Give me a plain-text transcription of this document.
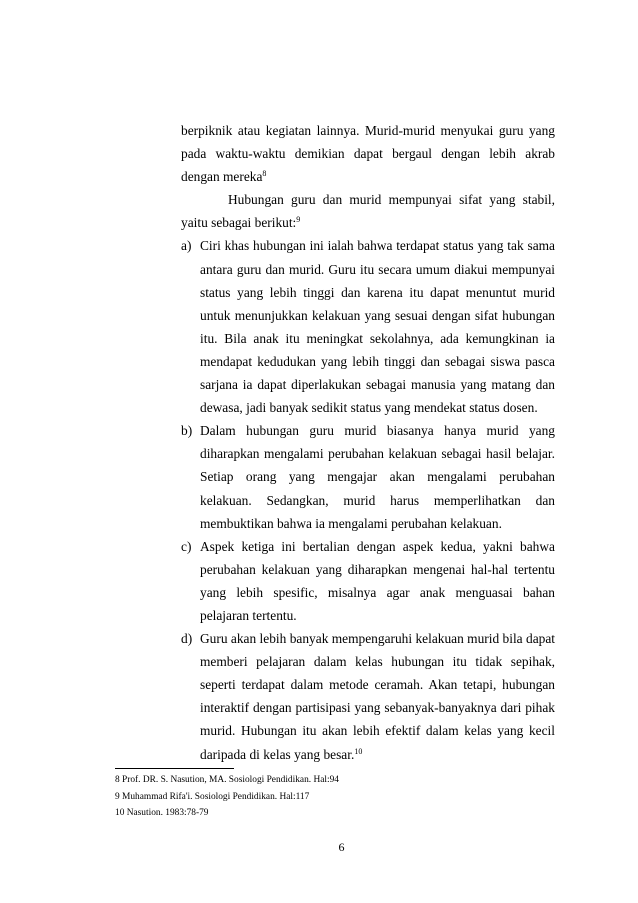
berpiknik atau kegiatan lainnya. Murid-murid menyukai guru yang pada waktu-waktu demikian dapat bergaul dengan lebih akrab dengan mereka$^8$

Hubungan guru dan murid mempunyai sifat yang stabil, yaitu sebagai berikut:$^9$

a) Ciri khas hubungan ini ialah bahwa terdapat status yang tak sama antara guru dan murid. Guru itu secara umum diakui mempunyai status yang lebih tinggi dan karena itu dapat menuntut murid untuk menunjukkan kelakuan yang sesuai dengan sifat hubungan itu. Bila anak itu meningkat sekolahnya, ada kemungkinan ia mendapat kedudukan yang lebih tinggi dan sebagai siswa pasca sarjana ia dapat diperlakukan sebagai manusia yang matang dan dewasa, jadi banyak sedikit status yang mendekat status dosen.
b) Dalam hubungan guru murid biasanya hanya murid yang diharapkan mengalami perubahan kelakuan sebagai hasil belajar. Setiap orang yang mengajar akan mengalami perubahan kelakuan. Sedangkan, murid harus memperlihatkan dan membuktikan bahwa ia mengalami perubahan kelakuan.
c) Aspek ketiga ini bertalian dengan aspek kedua, yakni bahwa perubahan kelakuan yang diharapkan mengenai hal-hal tertentu yang lebih spesific, misalnya agar anak menguasai bahan pelajaran tertentu.
d) Guru akan lebih banyak mempengaruhi kelakuan murid bila dapat memberi pelajaran dalam kelas hubungan itu tidak sepihak, seperti terdapat dalam metode ceramah. Akan tetapi, hubungan interaktif dengan partisipasi yang sebanyak-banyaknya dari pihak murid. Hubungan itu akan lebih efektif dalam kelas yang kecil daripada di kelas yang besar.$^{10}$
8 Prof. DR. S. Nasution, MA. Sosiologi Pendidikan. Hal:94
9 Muhammad Rifa'i. Sosiologi Pendidikan. Hal:117
10 Nasution. 1983:78-79
6
